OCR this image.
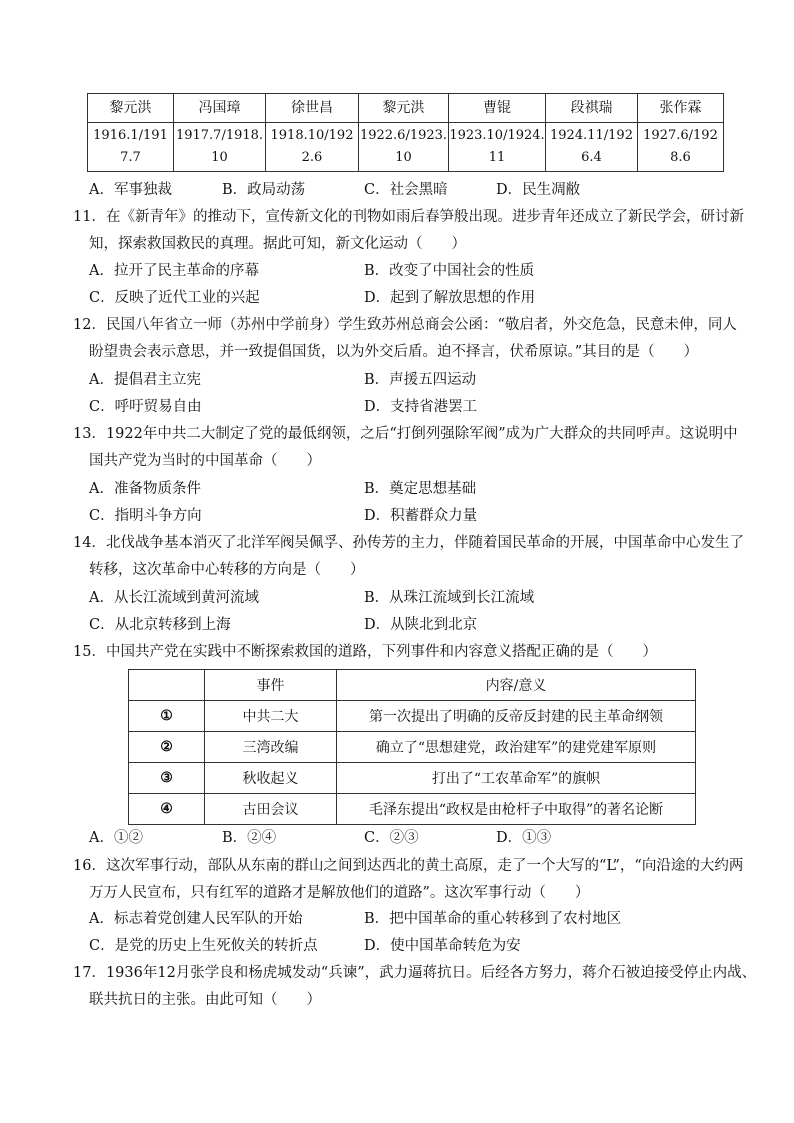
黎元洪	冯国璋	徐世昌	黎元洪	曹锟	段祺瑞	张作霖
1916.1/1917.7	1917.7/1918.10	1918.10/1922.6	1922.6/1923.10	1923.10/1924.11	1924.11/1926.4	1927.6/1928.6
A．军事独裁	B．政局动荡	C．社会黑暗	D．民生凋敝
11．在《新青年》的推动下，宣传新文化的刊物如雨后春笋般出现。进步青年还成立了新民学会，研讨新
知，探索救国救民的真理。据此可知，新文化运动（　　）
A．拉开了民主革命的序幕	B．改变了中国社会的性质
C．反映了近代工业的兴起	D．起到了解放思想的作用
12．民国八年省立一师（苏州中学前身）学生致苏州总商会公函：“敬启者，外交危急，民意未伸，同人
盼望贵会表示意思，并一致提倡国货，以为外交后盾。迫不择言，伏希原谅。”其目的是（　　）
A．提倡君主立宪	B．声援五四运动
C．呼吁贸易自由	D．支持省港罢工
13．1922年中共二大制定了党的最低纲领，之后“打倒列强除军阀”成为广大群众的共同呼声。这说明中
国共产党为当时的中国革命（　　）
A．准备物质条件	B．奠定思想基础
C．指明斗争方向	D．积蓄群众力量
14．北伐战争基本消灭了北洋军阀吴佩孚、孙传芳的主力，伴随着国民革命的开展，中国革命中心发生了
转移，这次革命中心转移的方向是（　　）
A．从长江流域到黄河流域	B．从珠江流域到长江流域
C．从北京转移到上海	D．从陕北到北京
15．中国共产党在实践中不断探索救国的道路，下列事件和内容意义搭配正确的是（　　）
	事件	内容/意义
①	中共二大	第一次提出了明确的反帝反封建的民主革命纲领
②	三湾改编	确立了“思想建党，政治建军”的建党建军原则
③	秋收起义	打出了“工农革命军”的旗帜
④	古田会议	毛泽东提出“政权是由枪杆子中取得”的著名论断
A．①②	B．②④	C．②③	D．①③
16．这次军事行动，部队从东南的群山之间到达西北的黄土高原，走了一个大写的“L”，“向沿途的大约两
万万人民宣布，只有红军的道路才是解放他们的道路”。这次军事行动（　　）
A．标志着党创建人民军队的开始	B．把中国革命的重心转移到了农村地区
C．是党的历史上生死攸关的转折点	D．使中国革命转危为安
17．1936年12月张学良和杨虎城发动“兵谏”，武力逼蒋抗日。后经各方努力，蒋介石被迫接受停止内战、
联共抗日的主张。由此可知（　　）
